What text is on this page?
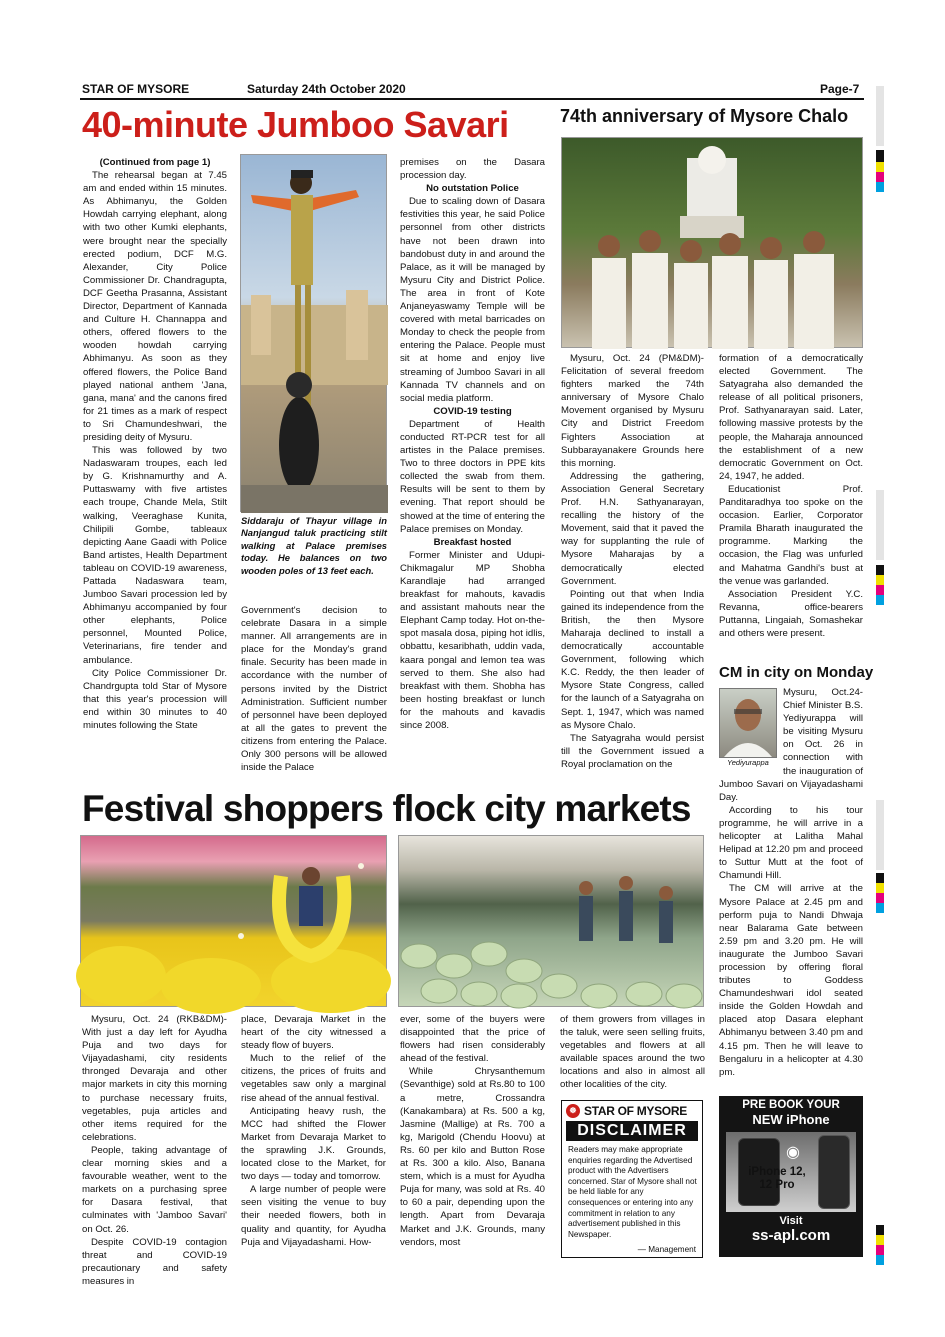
STAR OF MYSORE	Saturday 24th October 2020	Page-7
40-minute Jumboo Savari

(Continued from page 1)

The rehearsal began at 7.45 am and ended within 15 minutes. As Abhimanyu, the Golden Howdah carrying elephant, along with two other Kumki elephants, were brought near the specially erected podium, DCF M.G. Alexander, City Police Commissioner Dr. Chandragupta, DCF Geetha Prasanna, Assistant Director, Department of Kannada and Culture H. Channappa and others, offered flowers to the wooden howdah carrying Abhimanyu. As soon as they offered flowers, the Police Band played national anthem 'Jana, gana, mana' and the canons fired for 21 times as a mark of respect to Sri Chamundeshwari, the presiding deity of Mysuru.

This was followed by two Nadaswaram troupes, each led by G. Krishnamurthy and A. Puttaswamy with five artistes each troupe, Chande Mela, Stilt walking, Veeraghase Kunita, Chilipili Gombe, tableaux depicting Aane Gaadi with Police Band artistes, Health Department tableau on COVID-19 awareness, Pattada Nadaswara team, Jumboo Savari procession led by Abhimanyu accompanied by four other elephants, Police personnel, Mounted Police, Veterinarians, fire tender and ambulance.

City Police Commissioner Dr. Chandrgupta told Star of Mysore that this year's procession will end within 30 minutes to 40 minutes following the State

Siddaraju of Thayur village in Nanjangud taluk practicing stilt walking at Palace premises today. He balances on two wooden poles of 13 feet each.

Government's decision to celebrate Dasara in a simple manner. All arrangements are in place for the Monday's grand finale. Security has been made in accordance with the number of persons invited by the District Administration. Sufficient number of personnel have been deployed at all the gates to prevent the citizens from entering the Palace. Only 300 persons will be allowed inside the Palace

premises on the Dasara procession day.

No outstation Police

Due to scaling down of Dasara festivities this year, he said Police personnel from other districts have not been drawn into bandobust duty in and around the Palace, as it will be managed by Mysuru City and District Police. The area in front of Kote Anjaneyaswamy Temple will be covered with metal barricades on Monday to check the people from entering the Palace. People must sit at home and enjoy live streaming of Jumboo Savari in all Kannada TV channels and on social media platform.

COVID-19 testing

Department of Health conducted RT-PCR test for all artistes in the Palace premises. Two to three doctors in PPE kits collected the swab from them. Results will be sent to them by evening. That report should be showed at the time of entering the Palace premises on Monday.

Breakfast hosted

Former Minister and Udupi-Chikmagalur MP Shobha Karandlaje had arranged breakfast for mahouts, kavadis and assistant mahouts near the Elephant Camp today. Hot on-the-spot masala dosa, piping hot idlis, obbattu, kesaribhath, uddin vada, kaara pongal and lemon tea was served to them. She also had breakfast with them. Shobha has been hosting breakfast or lunch for the mahouts and kavadis since 2008.

74th anniversary of Mysore Chalo

Mysuru, Oct. 24 (PM&DM)- Felicitation of several freedom fighters marked the 74th anniversary of Mysore Chalo Movement organised by Mysuru City and District Freedom Fighters Association at Subbarayanakere Grounds here this morning.

Addressing the gathering, Association General Secretary Prof. H.N. Sathyanarayan, recalling the history of the Movement, said that it paved the way for supplanting the rule of Mysore Maharajas by a democratically elected Government.

Pointing out that when India gained its independence from the British, the then Mysore Maharaja declined to install a democratically accountable Government, following which K.C. Reddy, the then leader of Mysore State Congress, called for the launch of a Satyagraha on Sept. 1, 1947, which was named as Mysore Chalo.

The Satyagraha would persist till the Government issued a Royal proclamation on the

formation of a democratically elected Government. The Satyagraha also demanded the release of all political prisoners, Prof. Sathyanarayan said. Later, following massive protests by the people, the Maharaja announced the establishment of a new democratic Government on Oct. 24, 1947, he added.

Educationist Prof. Panditaradhya too spoke on the occasion. Earlier, Corporator Pramila Bharath inaugurated the programme. Marking the occasion, the Flag was unfurled and Mahatma Gandhi's bust at the venue was garlanded.

Association President Y.C. Revanna, office-bearers Puttanna, Lingaiah, Somashekar and others were present.

CM in city on Monday
Yediyurappa

Mysuru, Oct.24- Chief Minister B.S. Yediyurappa will be visiting Mysuru on Oct. 26 in connection with the inauguration of Jumboo Savari on Vijayadashami Day.

According to his tour programme, he will arrive in a helicopter at Lalitha Mahal Helipad at 12.20 pm and proceed to Suttur Mutt at the foot of Chamundi Hill.

The CM will arrive at the Mysore Palace at 2.45 pm and perform puja to Nandi Dhwaja near Balarama Gate between 2.59 pm and 3.20 pm. He will inaugurate the Jumboo Savari procession by offering floral tributes to Goddess Chamundeshwari idol seated inside the Golden Howdah and placed atop Dasara elephant Abhimanyu between 3.40 pm and 4.15 pm. Then he will leave to Bengaluru in a helicopter at 4.30 pm.

Festival shoppers flock city markets

Mysuru, Oct. 24 (RKB&DM)- With just a day left for Ayudha Puja and two days for Vijayadashami, city residents thronged Devaraja and other major markets in city this morning to purchase necessary fruits, vegetables, puja articles and other items required for the celebrations.

People, taking advantage of clear morning skies and a favourable weather, went to the markets on a purchasing spree for Dasara festival, that culminates with 'Jamboo Savari' on Oct. 26.

Despite COVID-19 contagion threat and COVID-19 precautionary and safety measures in

place, Devaraja Market in the heart of the city witnessed a steady flow of buyers.

Much to the relief of the citizens, the prices of fruits and vegetables saw only a marginal rise ahead of the annual festival.

Anticipating heavy rush, the MCC had shifted the Flower Market from Devaraja Market to the sprawling J.K. Grounds, located close to the Market, for two days — today and tomorrow.

A large number of people were seen visiting the venue to buy their needed flowers, both in quality and quantity, for Ayudha Puja and Vijayadashami. How-

ever, some of the buyers were disappointed that the price of flowers had risen considerably ahead of the festival.

While Chrysanthemum (Sevanthige) sold at Rs.80 to 100 a metre, Crossandra (Kanakambara) at Rs. 500 a kg, Jasmine (Mallige) at Rs. 700 a kg, Marigold (Chendu Hoovu) at Rs. 60 per kilo and Button Rose at Rs. 300 a kilo. Also, Banana stem, which is a must for Ayudha Puja for many, was sold at Rs. 40 to 60 a pair, depending upon the length. Apart from Devaraja Market and J.K. Grounds, many vendors, most

of them growers from villages in the taluk, were seen selling fruits, vegetables and flowers at all available spaces around the two locations and also in almost all other localities of the city.

☸ STAR OF MYSORE
DISCLAIMER
Readers may make appropriate enquiries regarding the Advertised product with the Advertisers concerned. Star of Mysore shall not be held liable for any consequences or entering into any commitment in relation to any advertisement published in this Newspaper.
— Management
PRE BOOK YOUR
NEW iPhone
◉
iPhone 12,
12 Pro
Visit
ss-apl.com
